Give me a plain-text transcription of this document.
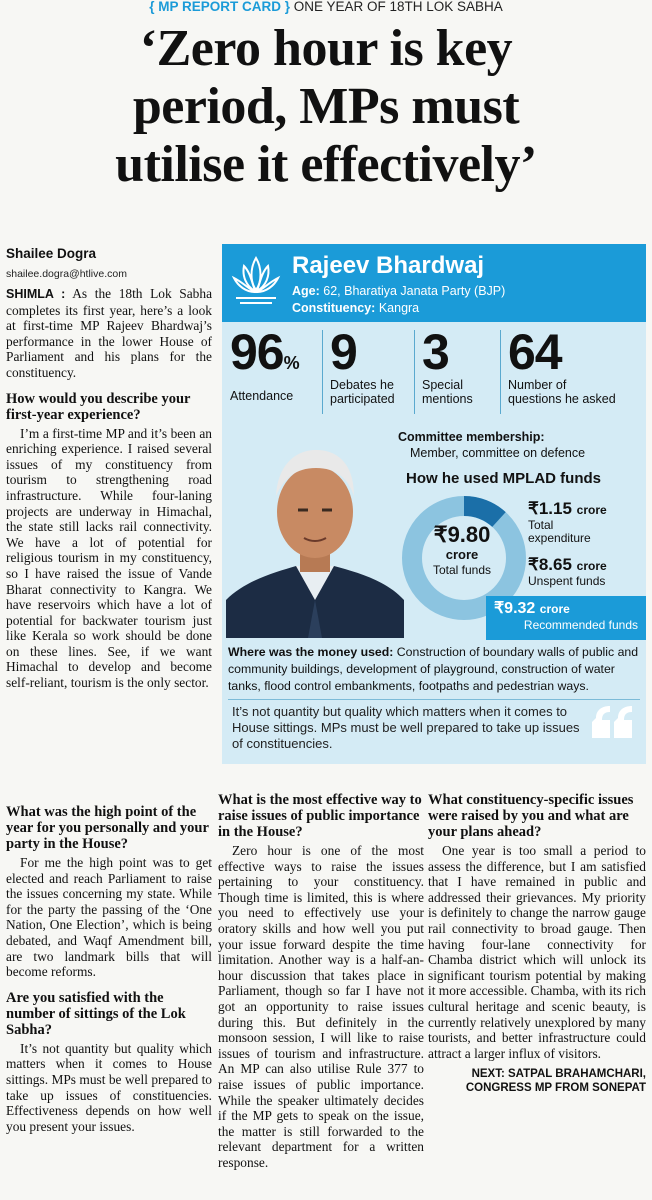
{ MP REPORT CARD } ONE YEAR OF 18TH LOK SABHA
‘Zero hour is key
period, MPs must
utilise it effectively’
Shailee Dogra
shailee.dogra@htlive.com

SHIMLA : As the 18th Lok Sabha completes its first year, here’s a look at first-time MP Rajeev Bhardwaj’s performance in the lower House of Parliament and his plans for the constituency.

How would you describe your first-year experience?

I’m a first-time MP and it’s been an enriching experience. I raised several issues of my constituency from tourism to strengthening road infrastructure. While four-laning projects are underway in Himachal, the state still lacks rail connectivity. We have a lot of potential for religious tourism in my constituency, so I have raised the issue of Vande Bharat connectivity to Kangra. We have reservoirs which have a lot of potential for backwater tourism just like Kerala so work should be done on these lines. See, if we want Himachal to develop and become self-reliant, tourism is the only sector.

What was the high point of the year for you personally and your party in the House?

For me the high point was to get elected and reach Parliament to raise the issues concerning my state. While for the party the passing of the ‘One Nation, One Election’, which is being debated, and Waqf Amendment bill, are two landmark bills that will become reforms.

Are you satisfied with the number of sittings of the Lok Sabha?

It’s not quantity but quality which matters when it comes to House sittings. MPs must be well prepared to take up issues of constituencies. Effectiveness depends on how well you present your issues.

What is the most effective way to raise issues of public importance in the House?

Zero hour is one of the most effective ways to raise the issues pertaining to your constituency. Though time is limited, this is where you need to effectively use your oratory skills and how well you put your issue forward despite the time limitation. Another way is a half-an-hour discussion that takes place in Parliament, though so far I have not got an opportunity to raise issues during this. But definitely in the monsoon session, I will like to raise issues of tourism and infrastructure. An MP can also utilise Rule 377 to raise issues of public importance. While the speaker ultimately decides if the MP gets to speak on the issue, the matter is still forwarded to the relevant department for a written response.

What constituency-specific issues were raised by you and what are your plans ahead?

One year is too small a period to assess the difference, but I am satisfied that I have remained in public and addressed their grievances. My priority is definitely to change the narrow gauge rail connectivity to broad gauge. Then having four-lane connectivity for Chamba district which will unlock its significant tourism potential by making it more accessible. Chamba, with its rich cultural heritage and scenic beauty, is currently relatively unexplored by many tourists, and better infrastructure could attract a larger influx of visitors.

NEXT: SATPAL BRAHAMCHARI,
CONGRESS MP FROM SONEPAT
Rajeev Bhardwaj
Age: 62, Bharatiya Janata Party (BJP)
Constituency: Kangra
96%
Attendance
9
Debates he
participated
3
Special
mentions
64
Number of
questions he asked
Committee membership:
Member, committee on defence
How he used MPLAD funds
₹9.80
crore
Total funds
₹1.15 crore
Total
expenditure
₹8.65 crore
Unspent funds
₹9.32 crore
Recommended funds
Where was the money used: Construction of boundary walls of public and community buildings, development of playground, construction of water tanks, flood control embankments, footpaths and pedestrian ways.
It’s not quantity but quality which matters when it comes to House sittings. MPs must be well prepared to take up issues of constituencies.
